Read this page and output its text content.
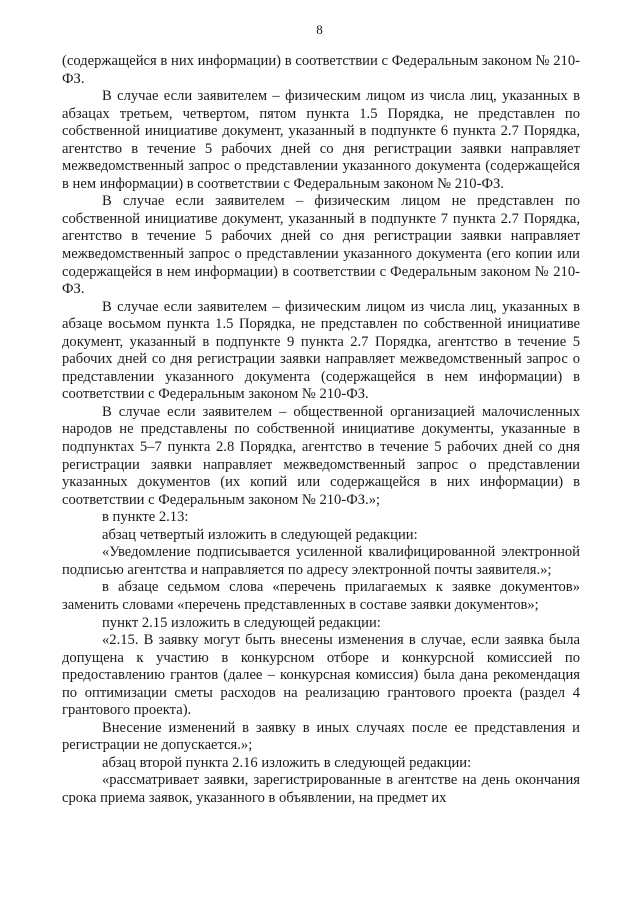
8

(содержащейся в них информации) в соответствии с Федеральным законом № 210-ФЗ.

В случае если заявителем – физическим лицом из числа лиц, указанных в абзацах третьем, четвертом, пятом пункта 1.5 Порядка, не представлен по собственной инициативе документ, указанный в подпункте 6 пункта 2.7 Порядка, агентство в течение 5 рабочих дней со дня регистрации заявки направляет межведомственный запрос о представлении указанного документа (содержащейся в нем информации) в соответствии с Федеральным законом № 210-ФЗ.

В случае если заявителем – физическим лицом не представлен по собственной инициативе документ, указанный в подпункте 7 пункта 2.7 Порядка, агентство в течение 5 рабочих дней со дня регистрации заявки направляет межведомственный запрос о представлении указанного документа (его копии или содержащейся в нем информации) в соответствии с Федеральным законом № 210-ФЗ.

В случае если заявителем – физическим лицом из числа лиц, указанных в абзаце восьмом пункта 1.5 Порядка, не представлен по собственной инициативе документ, указанный в подпункте 9 пункта 2.7 Порядка, агентство в течение 5 рабочих дней со дня регистрации заявки направляет межведомственный запрос о представлении указанного документа (содержащейся в нем информации) в соответствии с Федеральным законом № 210-ФЗ.

В случае если заявителем – общественной организацией малочисленных народов не представлены по собственной инициативе документы, указанные в подпунктах 5–7 пункта 2.8 Порядка, агентство в течение 5 рабочих дней со дня регистрации заявки направляет межведомственный запрос о представлении указанных документов (их копий или содержащейся в них информации) в соответствии с Федеральным законом № 210-ФЗ.»;

в пункте 2.13:

абзац четвертый изложить в следующей редакции:

«Уведомление подписывается усиленной квалифицированной электронной подписью агентства и направляется по адресу электронной почты заявителя.»;

в абзаце седьмом слова «перечень прилагаемых к заявке документов» заменить словами «перечень представленных в составе заявки документов»;

пункт 2.15 изложить в следующей редакции:

«2.15. В заявку могут быть внесены изменения в случае, если заявка была допущена к участию в конкурсном отборе и конкурсной комиссией по предоставлению грантов (далее – конкурсная комиссия) была дана рекомендация по оптимизации сметы расходов на реализацию грантового проекта (раздел 4 грантового проекта).

Внесение изменений в заявку в иных случаях после ее представления и регистрации не допускается.»;

абзац второй пункта 2.16 изложить в следующей редакции:

«рассматривает заявки, зарегистрированные в агентстве на день окончания срока приема заявок, указанного в объявлении, на предмет их
